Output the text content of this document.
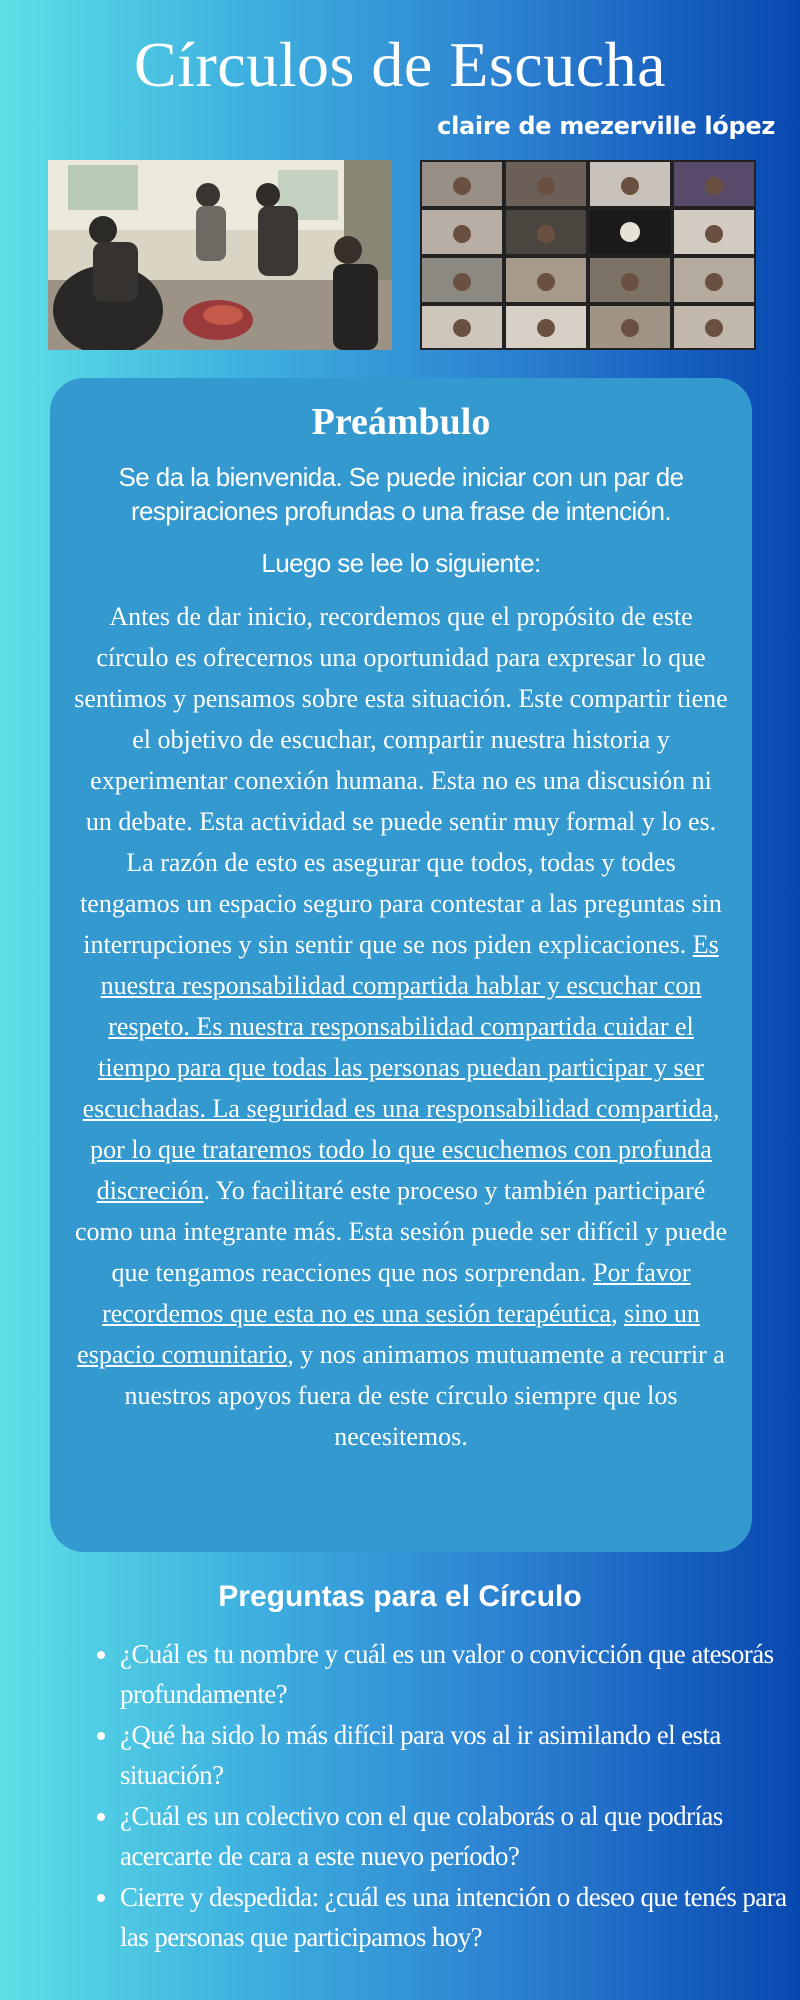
Círculos de Escucha
claire de mezerville lópez
Preámbulo

Se da la bienvenida. Se puede iniciar con un par de respiraciones profundas o una frase de intención.

Luego se lee lo siguiente:

Antes de dar inicio, recordemos que el propósito de este círculo es ofrecernos una oportunidad para expresar lo que sentimos y pensamos sobre esta situación. Este compartir tiene el objetivo de escuchar, compartir nuestra historia y experimentar conexión humana. Esta no es una discusión ni un debate. Esta actividad se puede sentir muy formal y lo es. La razón de esto es asegurar que todos, todas y todes tengamos un espacio seguro para contestar a las preguntas sin interrupciones y sin sentir que se nos piden explicaciones. Es nuestra responsabilidad compartida hablar y escuchar con respeto. Es nuestra responsabilidad compartida cuidar el tiempo para que todas las personas puedan participar y ser escuchadas. La seguridad es una responsabilidad compartida, por lo que trataremos todo lo que escuchemos con profunda discreción. Yo facilitaré este proceso y también participaré como una integrante más. Esta sesión puede ser difícil y puede que tengamos reacciones que nos sorprendan. Por favor recordemos que esta no es una sesión terapéutica, sino un espacio comunitario, y nos animamos mutuamente a recurrir a nuestros apoyos fuera de este círculo siempre que los necesitemos.

Preguntas para el Círculo
• ¿Cuál es tu nombre y cuál es un valor o convicción que atesorás profundamente?
• ¿Qué ha sido lo más difícil para vos al ir asimilando el esta situación?
• ¿Cuál es un colectivo con el que colaborás o al que podrías acercarte de cara a este nuevo período?
• Cierre y despedida: ¿cuál es una intención o deseo que tenés para las personas que participamos hoy?
